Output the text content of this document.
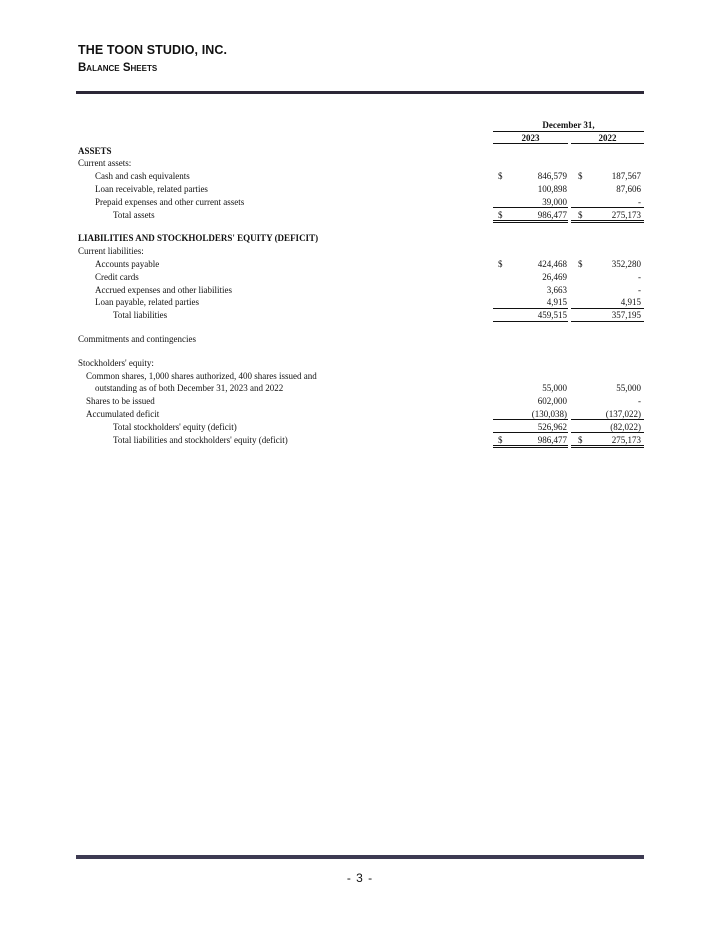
THE TOON STUDIO, INC.
Balance Sheets
December 31,
2023	2022
ASSETS
Current assets:
Cash and cash equivalents	$	846,579 $	187,567
Loan receivable, related parties	100,898	87,606
Prepaid expenses and other current assets	39,000	-
Total assets	$	986,477 $	275,173
LIABILITIES AND STOCKHOLDERS' EQUITY (DEFICIT)
Current liabilities:
Accounts payable	$	424,468 $	352,280
Credit cards	26,469	-
Accrued expenses and other liabilities	3,663	-
Loan payable, related parties	4,915	4,915
Total liabilities	459,515	357,195
Commitments and contingencies
Stockholders' equity:
Common shares, 1,000 shares authorized, 400 shares issued and
outstanding as of both December 31, 2023 and 2022	55,000	55,000
Shares to be issued	602,000	-
Accumulated deficit	(130,038)	(137,022)
Total stockholders' equity (deficit)	526,962	(82,022)
Total liabilities and stockholders' equity (deficit)	$	986,477 $	275,173
- 3 -
